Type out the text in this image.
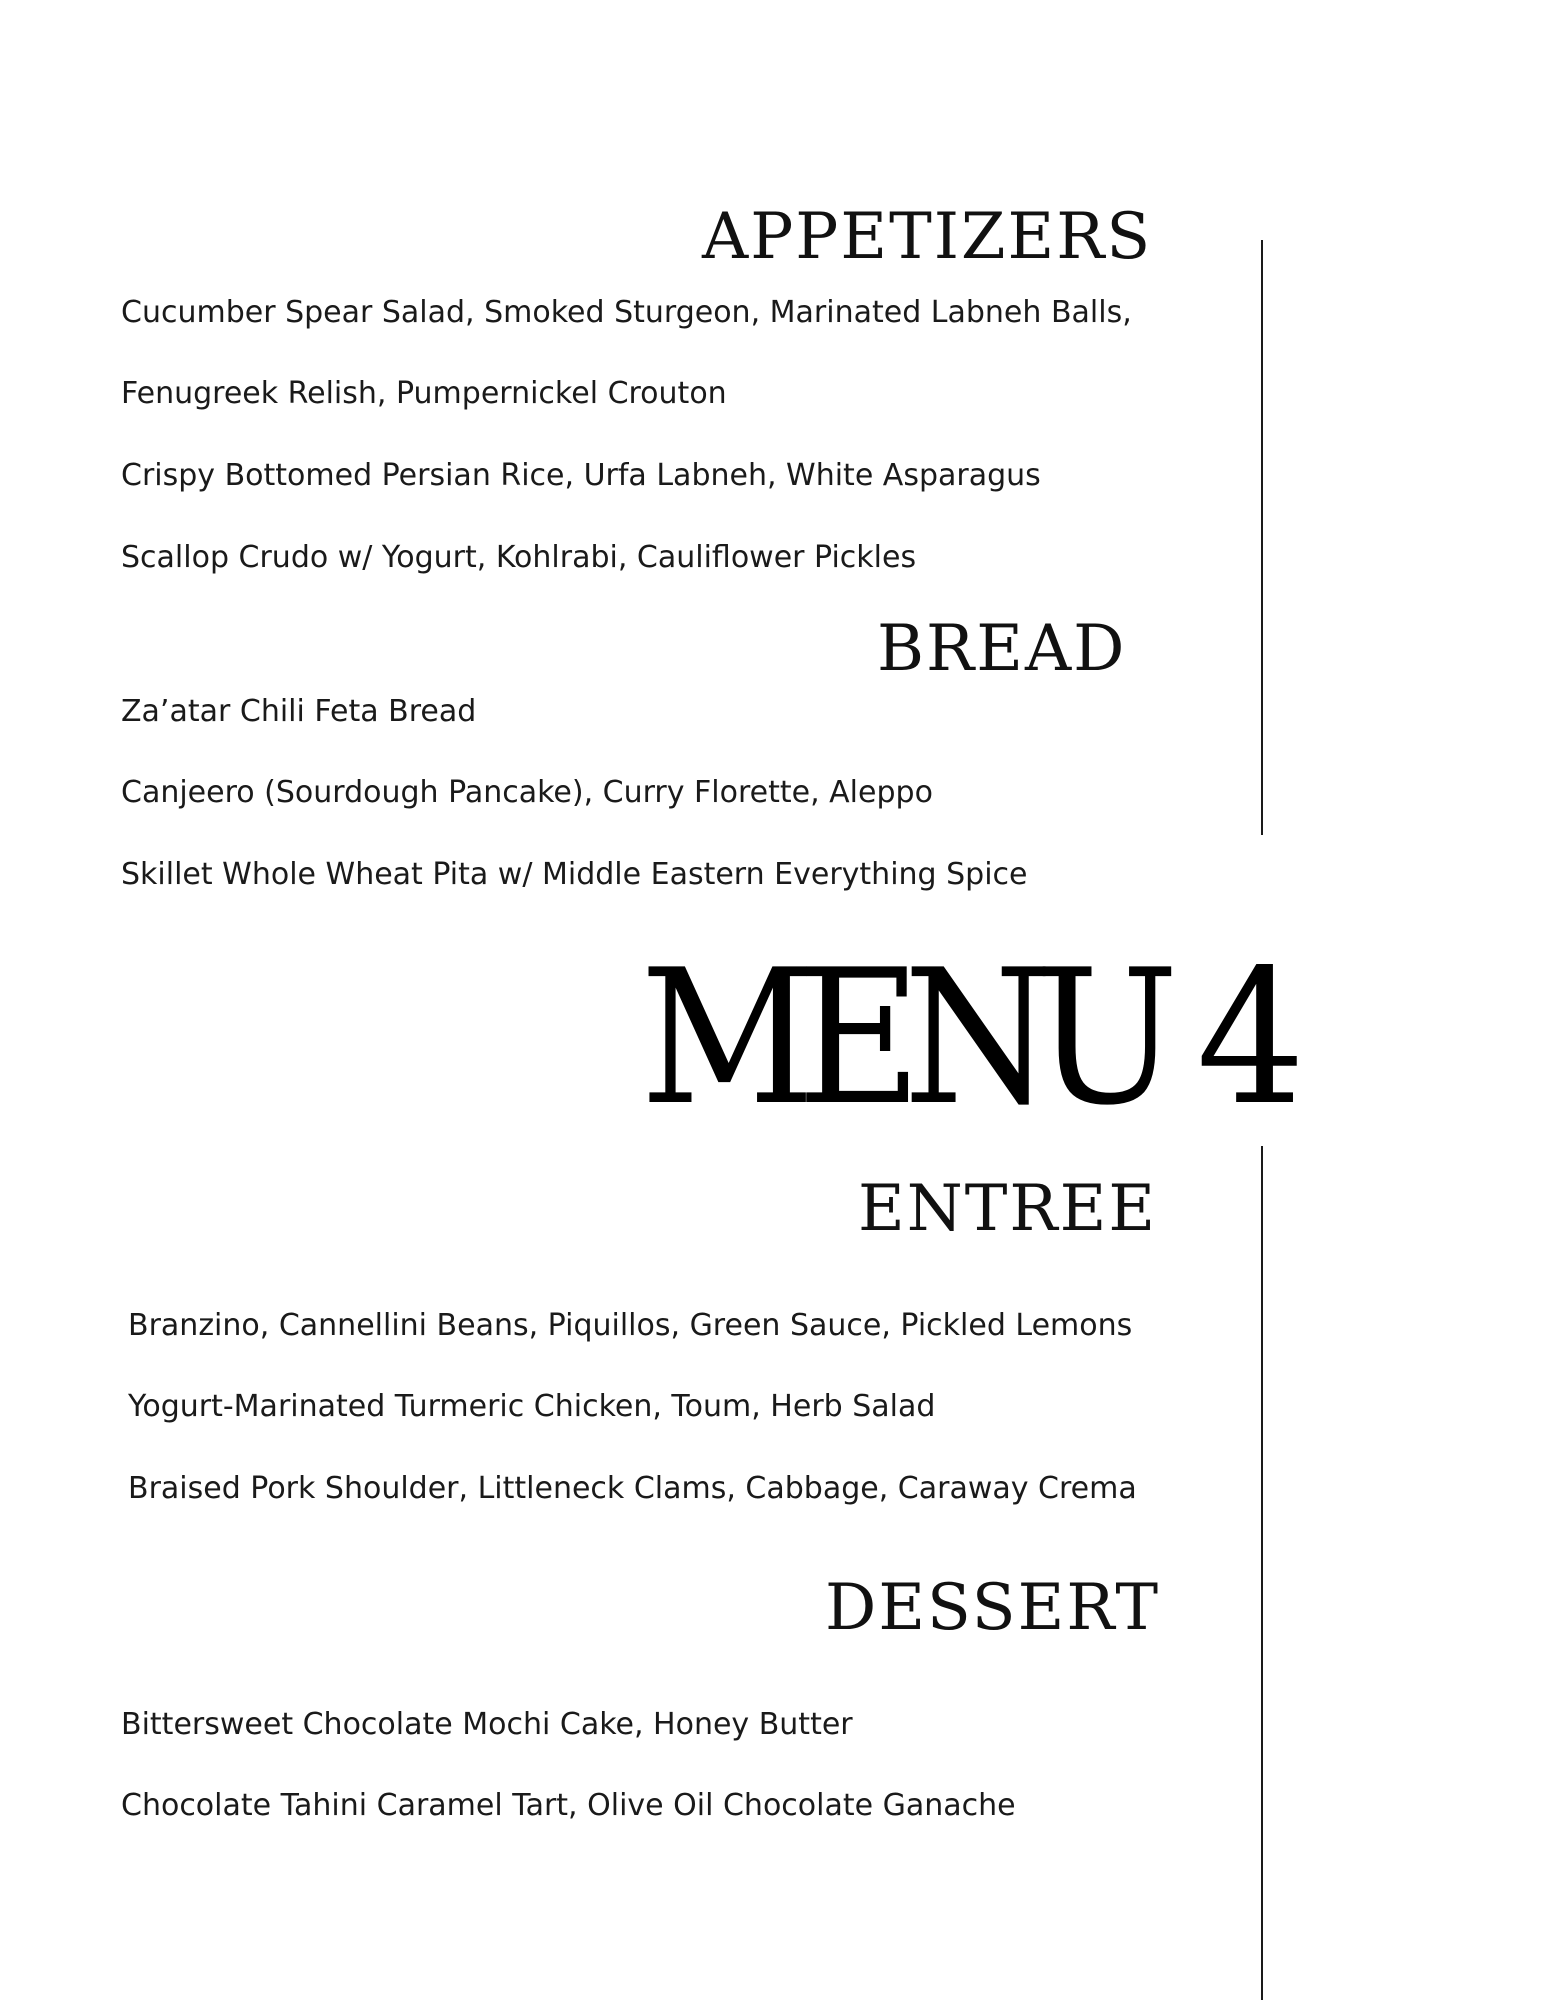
APPETIZERS
Cucumber Spear Salad, Smoked Sturgeon, Marinated Labneh Balls,
Fenugreek Relish, Pumpernickel Crouton
Crispy Bottomed Persian Rice, Urfa Labneh, White Asparagus
Scallop Crudo w/ Yogurt, Kohlrabi, Cauliflower Pickles
BREAD
Za’atar Chili Feta Bread
Canjeero (Sourdough Pancake), Curry Florette, Aleppo
Skillet Whole Wheat Pita w/ Middle Eastern Everything Spice
MENU 4
ENTREE
Branzino, Cannellini Beans, Piquillos, Green Sauce, Pickled Lemons
Yogurt-Marinated Turmeric Chicken, Toum, Herb Salad
Braised Pork Shoulder, Littleneck Clams, Cabbage, Caraway Crema
DESSERT
Bittersweet Chocolate Mochi Cake, Honey Butter
Chocolate Tahini Caramel Tart, Olive Oil Chocolate Ganache
